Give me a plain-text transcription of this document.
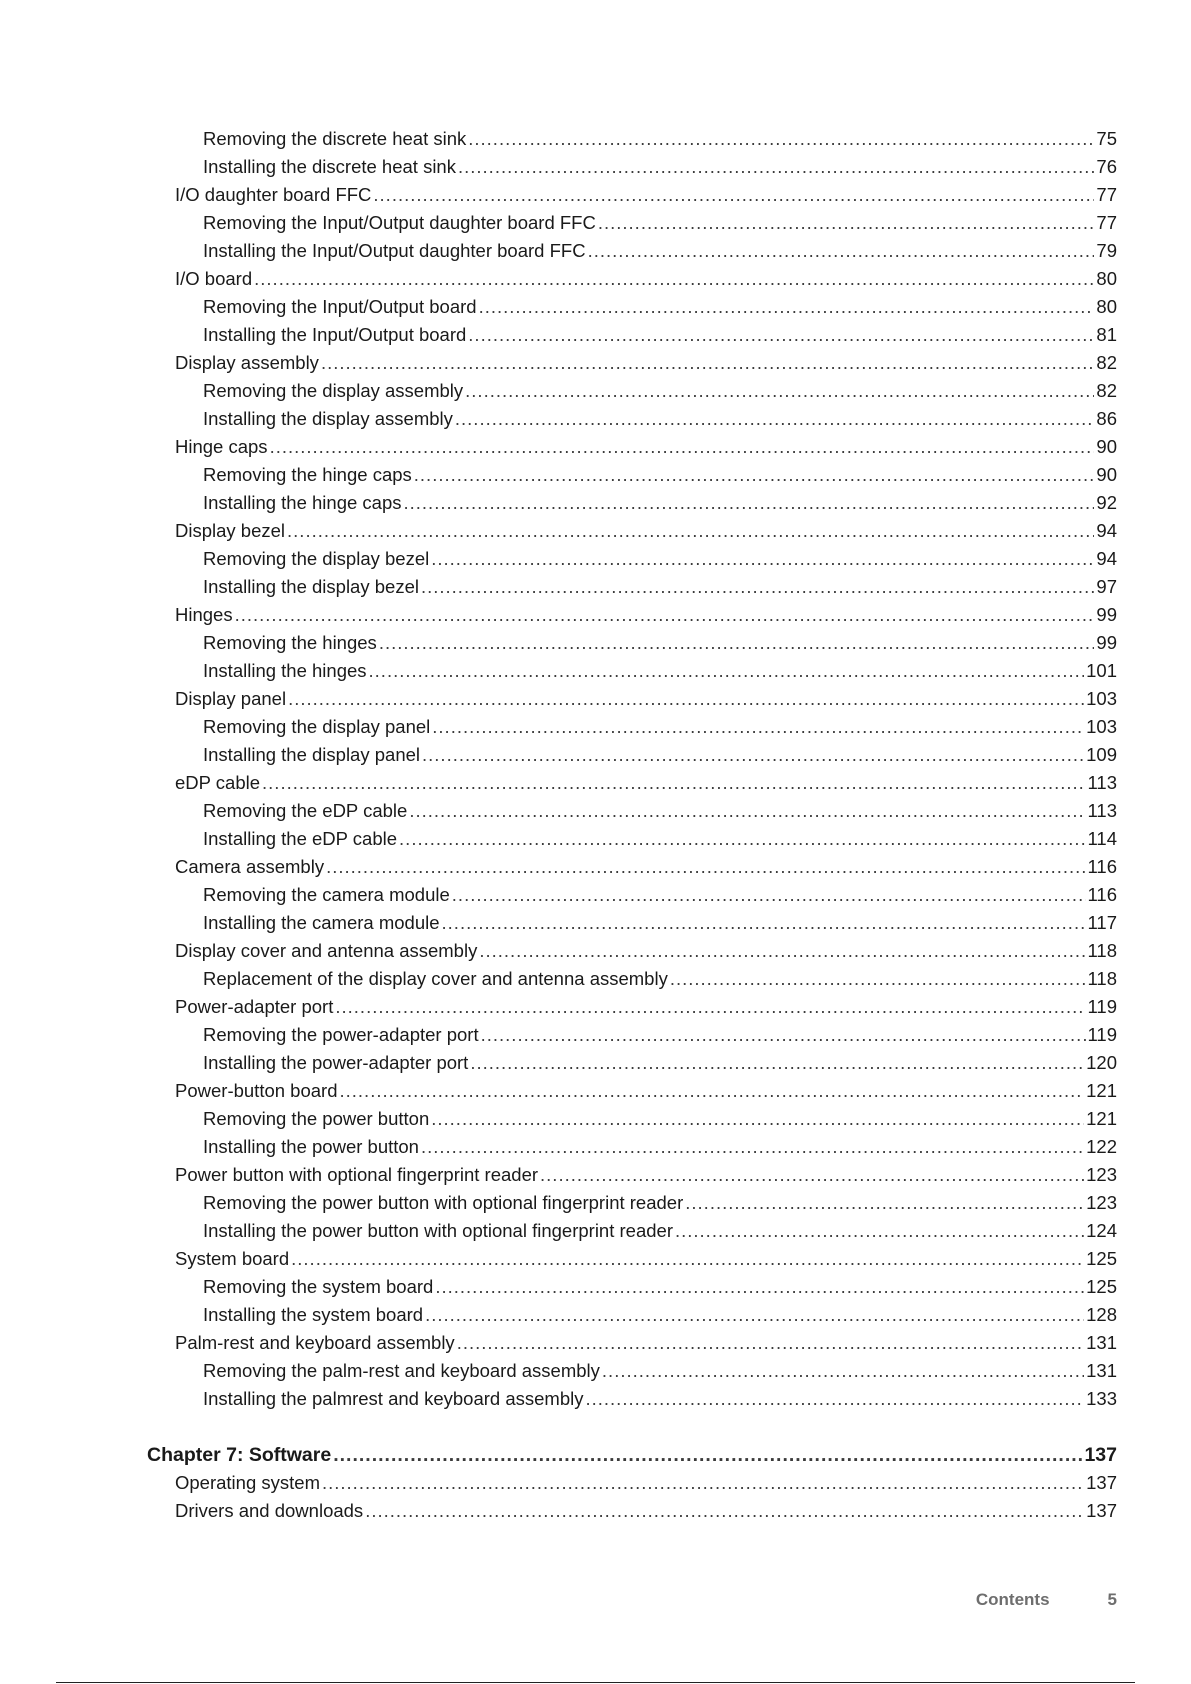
Removing the discrete heat sink .....	75
Installing the discrete heat sink .....	76
I/O daughter board FFC .....	77
Removing the Input/Output daughter board FFC .....	77
Installing the Input/Output daughter board FFC .....	79
I/O board .....	80
Removing the Input/Output board .....	80
Installing the Input/Output board .....	81
Display assembly .....	82
Removing the display assembly .....	82
Installing the display assembly .....	86
Hinge caps .....	90
Removing the hinge caps .....	90
Installing the hinge caps .....	92
Display bezel .....	94
Removing the display bezel .....	94
Installing the display bezel .....	97
Hinges .....	99
Removing the hinges .....	99
Installing the hinges .....	101
Display panel .....	103
Removing the display panel .....	103
Installing the display panel .....	109
eDP cable .....	113
Removing the eDP cable .....	113
Installing the eDP cable .....	114
Camera assembly .....	116
Removing the camera module .....	116
Installing the camera module .....	117
Display cover and antenna assembly .....	118
Replacement of the display cover and antenna assembly .....	118
Power-adapter port .....	119
Removing the power-adapter port .....	119
Installing the power-adapter port .....	120
Power-button board .....	121
Removing the power button .....	121
Installing the power button .....	122
Power button with optional fingerprint reader .....	123
Removing the power button with optional fingerprint reader .....	123
Installing the power button with optional fingerprint reader .....	124
System board .....	125
Removing the system board .....	125
Installing the system board .....	128
Palm-rest and keyboard assembly .....	131
Removing the palm-rest and keyboard assembly .....	131
Installing the palmrest and keyboard assembly .....	133
Chapter 7: Software .....	137
Operating system .....	137
Drivers and downloads .....	137
Contents	5
